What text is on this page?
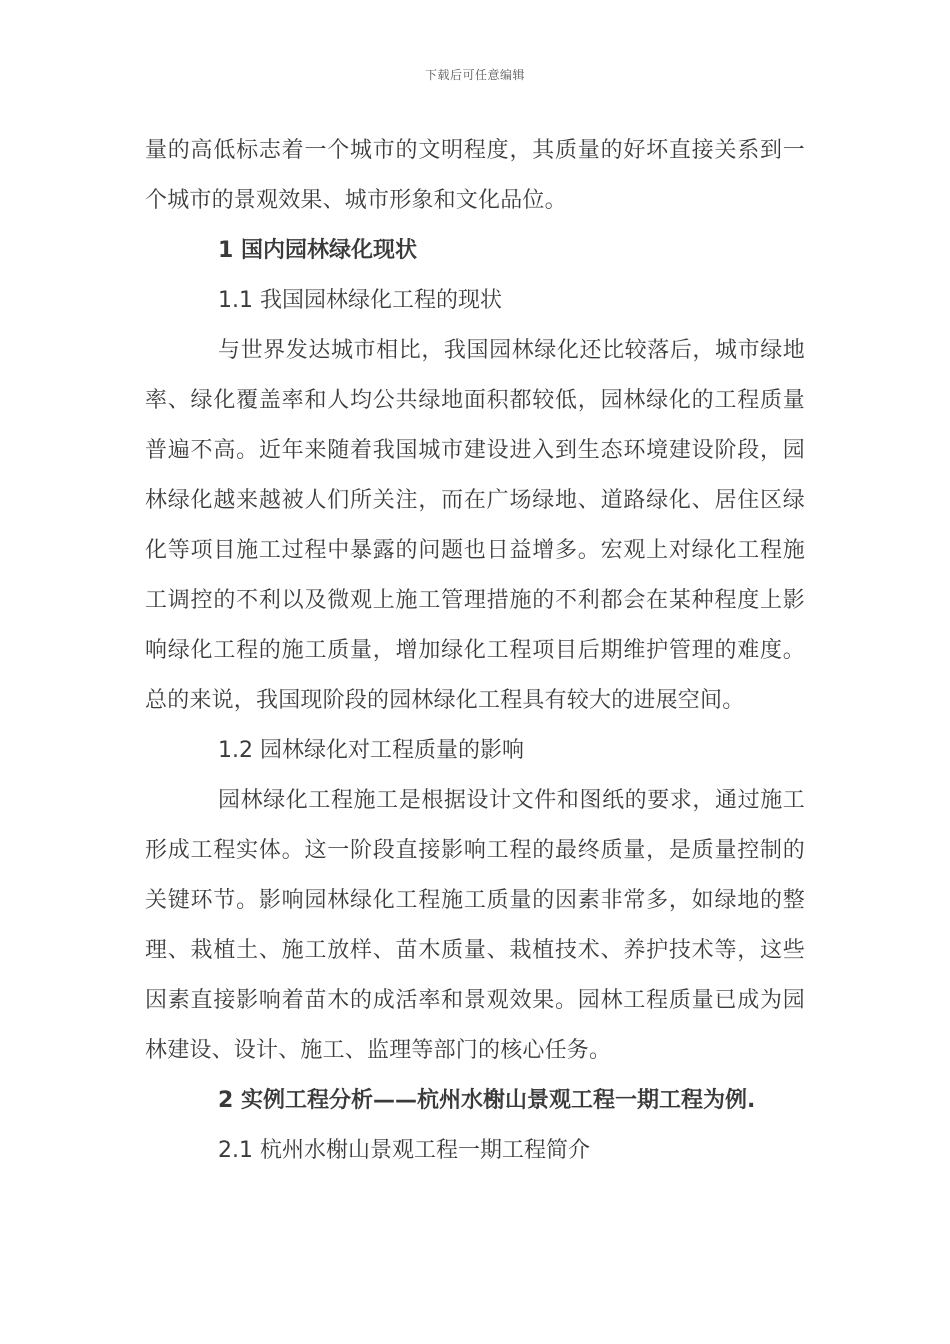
下载后可任意编辑

量的高低标志着一个城市的文明程度，其质量的好坏直接关系到一个城市的景观效果、城市形象和文化品位。

1 国内园林绿化现状

1.1 我国园林绿化工程的现状

与世界发达城市相比，我国园林绿化还比较落后，城市绿地率、绿化覆盖率和人均公共绿地面积都较低，园林绿化的工程质量普遍不高。近年来随着我国城市建设进入到生态环境建设阶段，园林绿化越来越被人们所关注，而在广场绿地、道路绿化、居住区绿化等项目施工过程中暴露的问题也日益增多。宏观上对绿化工程施工调控的不利以及微观上施工管理措施的不利都会在某种程度上影响绿化工程的施工质量，增加绿化工程项目后期维护管理的难度。总的来说，我国现阶段的园林绿化工程具有较大的进展空间。

1.2 园林绿化对工程质量的影响

园林绿化工程施工是根据设计文件和图纸的要求，通过施工形成工程实体。这一阶段直接影响工程的最终质量，是质量控制的关键环节。影响园林绿化工程施工质量的因素非常多，如绿地的整理、栽植土、施工放样、苗木质量、栽植技术、养护技术等，这些因素直接影响着苗木的成活率和景观效果。园林工程质量已成为园林建设、设计、施工、监理等部门的核心任务。

2 实例工程分析——杭州水榭山景观工程一期工程为例.

2.1 杭州水榭山景观工程一期工程简介
